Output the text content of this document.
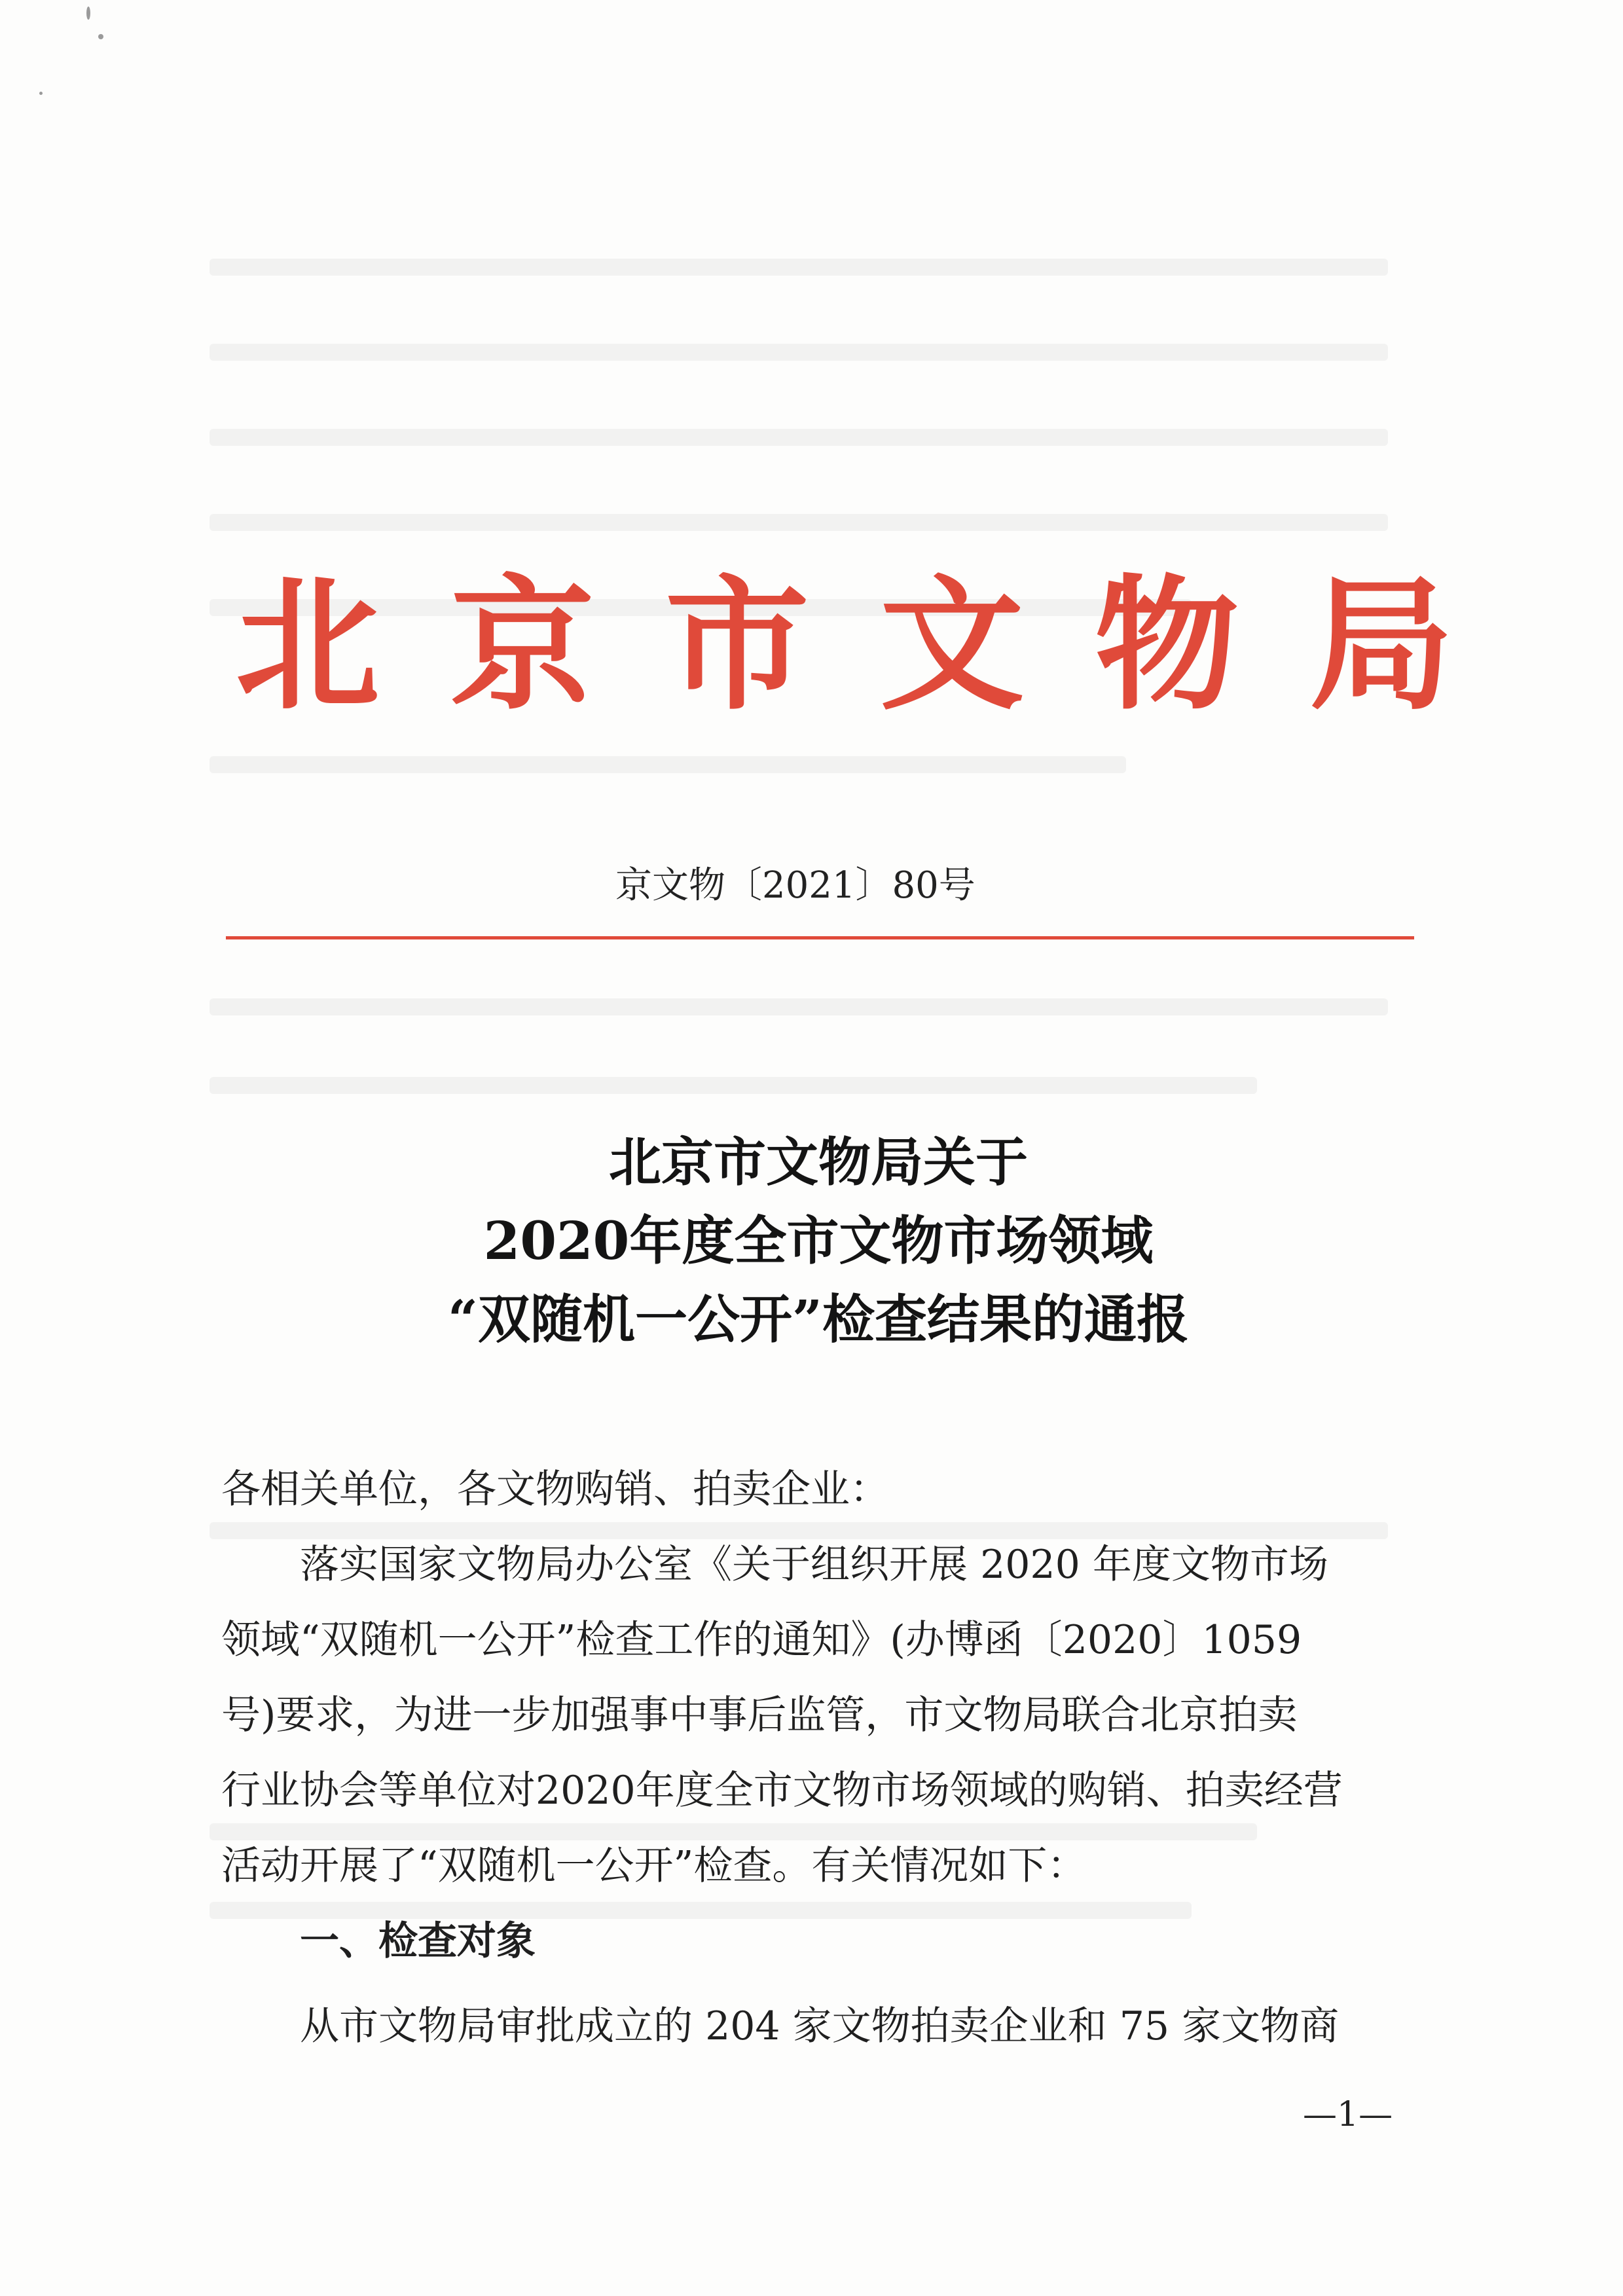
北京市文物局
京文物〔2021〕80号
北京市文物局关于
2020年度全市文物市场领域
“双随机一公开”检查结果的通报
各相关单位，各文物购销、拍卖企业：
落实国家文物局办公室《关于组织开展 2020 年度文物市场
领域“双随机一公开”检查工作的通知》(办博函〔2020〕1059
号)要求，为进一步加强事中事后监管，市文物局联合北京拍卖
行业协会等单位对2020年度全市文物市场领域的购销、拍卖经营
活动开展了“双随机一公开”检查。有关情况如下：
一、检查对象
从市文物局审批成立的 204 家文物拍卖企业和 75 家文物商
—1—
